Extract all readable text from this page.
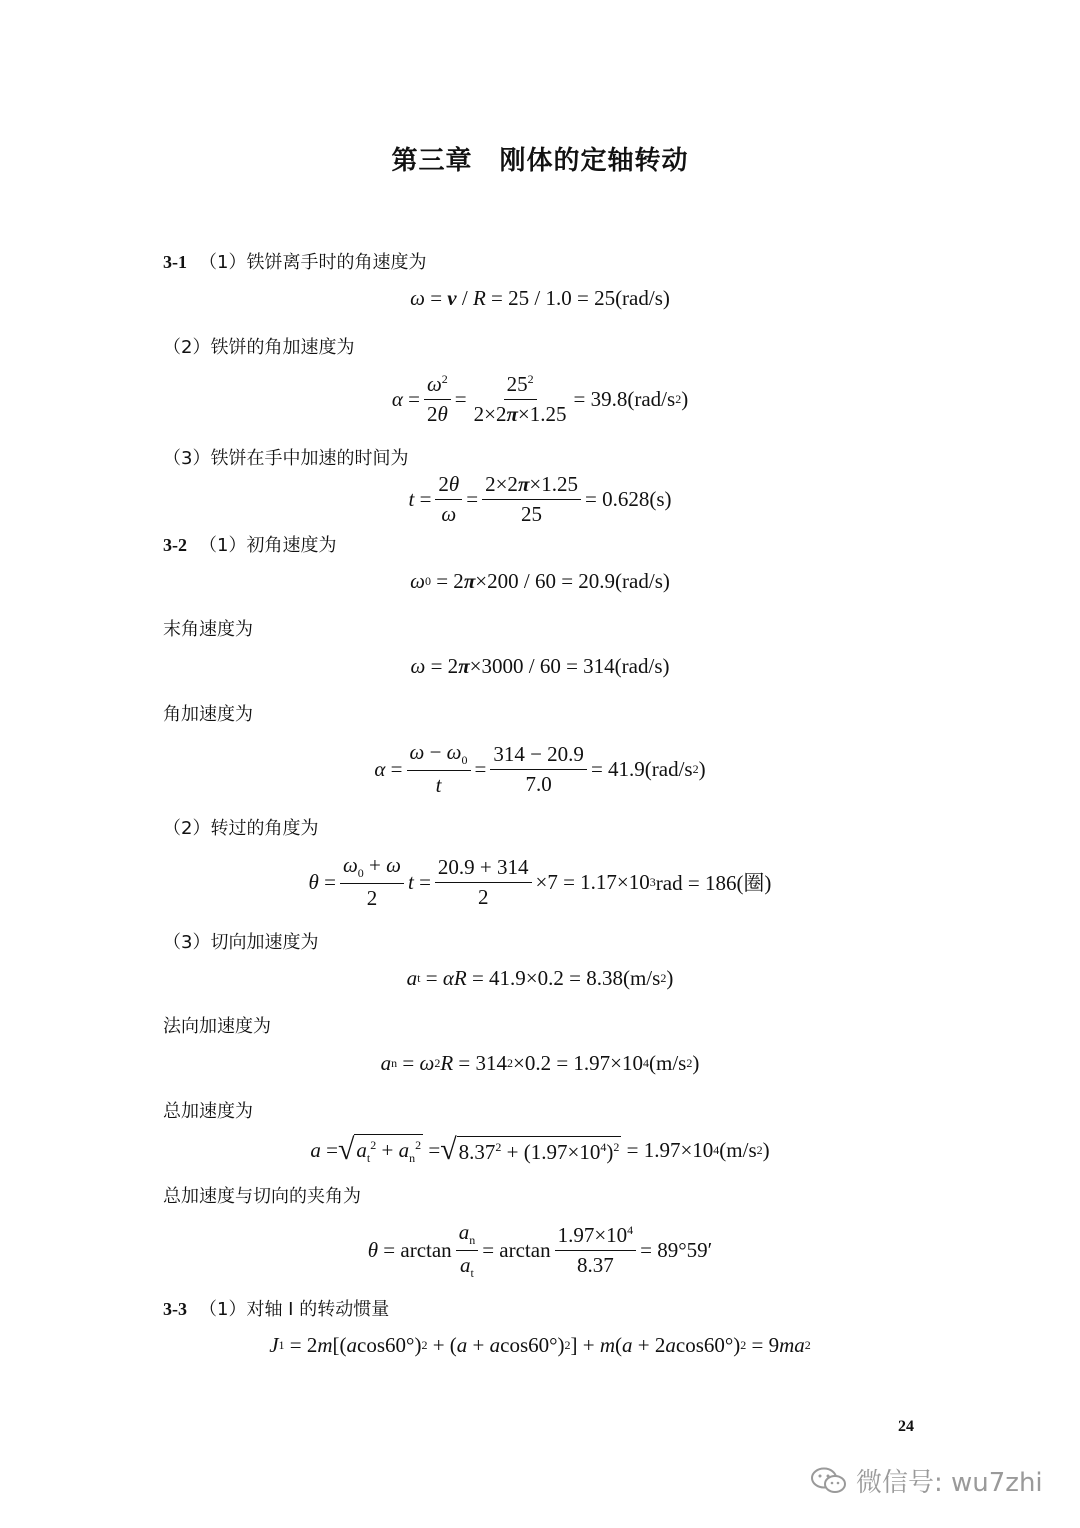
第三章　刚体的定轴转动
3-1 （1）铁饼离手时的角速度为
ω = v / R = 25 / 1.0 = 25(rad/s)
（2）铁饼的角加速度为
$\alpha = \frac{\omega^2}{2\theta} = \frac{25^2}{2\times 2\pi\times 1.25} = 39.8(rad/s$ 2 )
（3）铁饼在手中加速的时间为
$t = \frac{2\theta}{\omega} = \frac{2\times 2\pi\times 1.25}{25} = 0.628(s)$
3-2 （1）初角速度为
ω 0 = 2 π ×200 / 60 = 20.9(rad/s)
末角速度为
ω = 2 π ×3000 / 60 = 314(rad/s)
角加速度为
$\alpha = \frac{\omega - \omega_0}{t} = \frac{314 - 20.9}{7.0} = 41.9(rad/s$ 2 )
（2）转过的角度为
$\theta = \frac{\omega_0 + \omega}{2}$ $t = \frac{20.9 + 314}{2} \times 7 = 1.17\times 10$ 3 rad = 186(圈)
（3）切向加速度为
a t = αR = 41.9×0.2 = 8.38(m/s 2 )
法向加速度为
a n = ω 2 R = 314 2 ×0.2 = 1.97×10 4 (m/s 2 )
总加速度为
a = √ $a_t^2 + a_n^2$ = √ $8.37^2 + (1.97\times 10^4)^2 = 1.97\times 10$ 4 (m/s 2 )
总加速度与切向的夹角为
$\theta = \arctan \frac{a_n}{a_t} = \arctan \frac{1.97\times 10^4}{8.37} = 89^\circ 59'$
3-3 （1）对轴 I 的转动惯量
J 1 = 2 m [( a cos60°) 2 + ( a + a cos60°) 2 ] + m ( a + 2 a cos60°) 2 = 9 ma 2
24
微信号: wu7zhi
